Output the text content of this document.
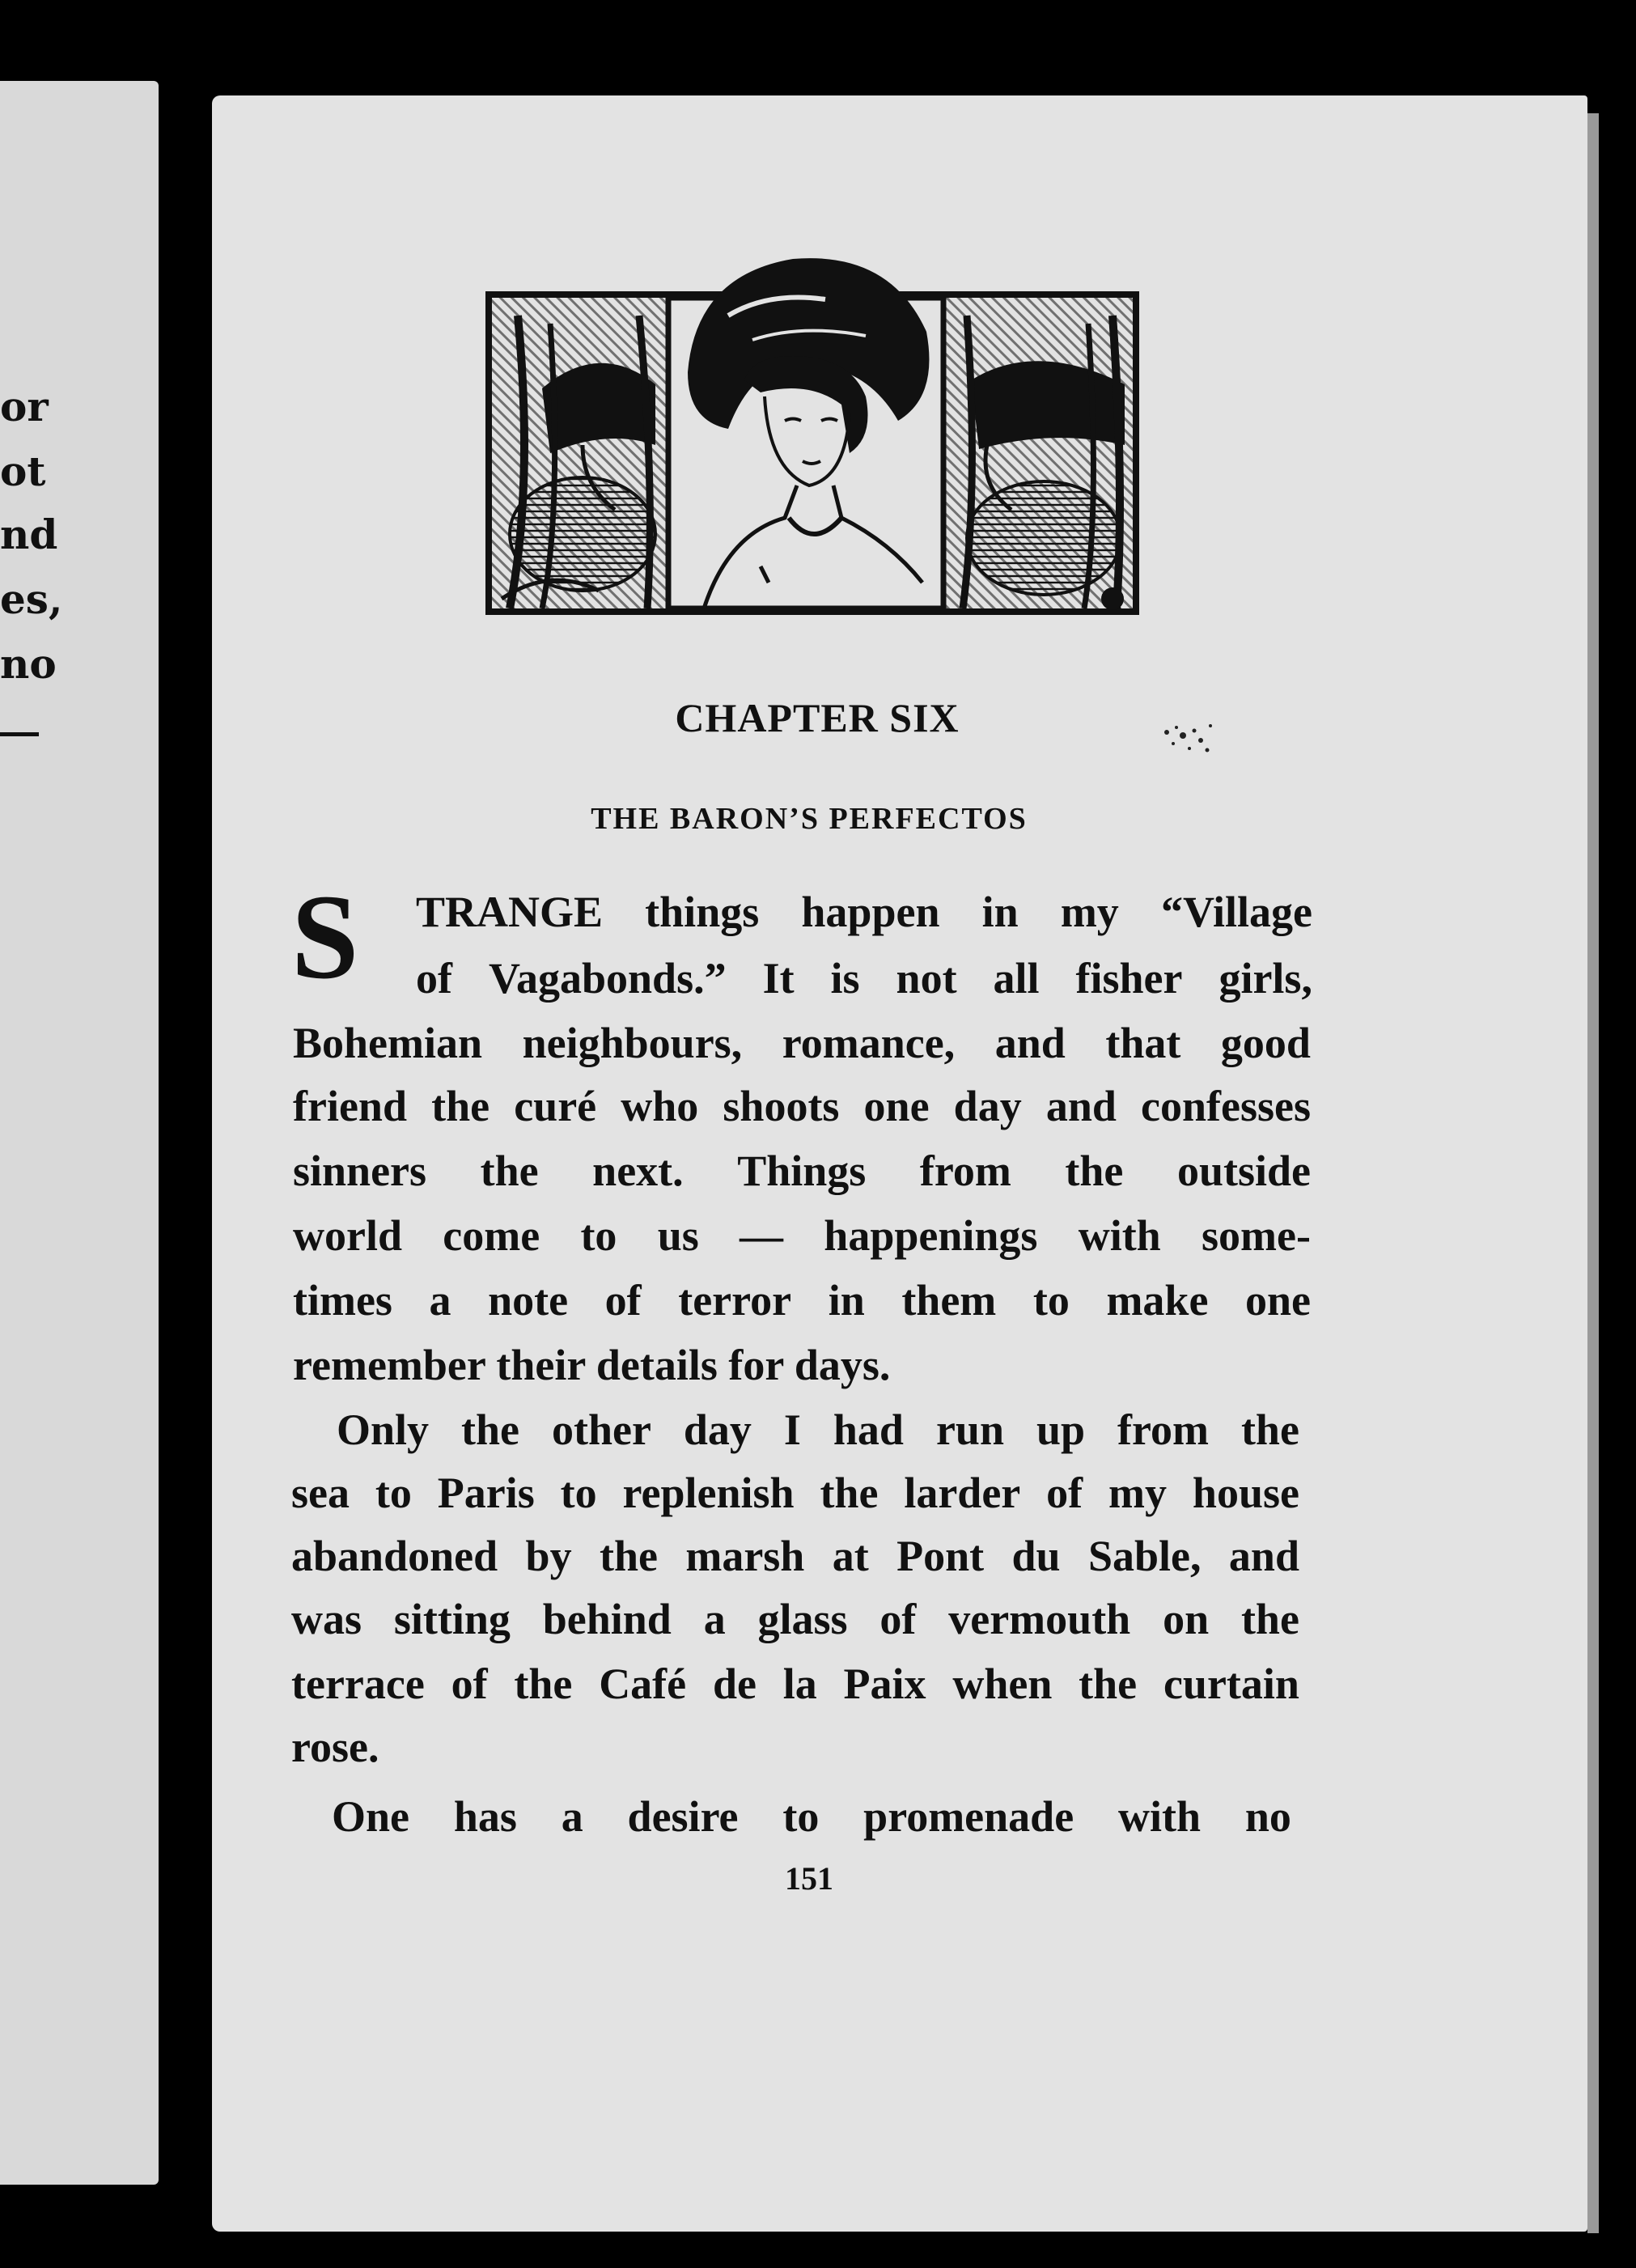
or
ot
nd
es,
no
CHAPTER SIX
THE BARON’S PERFECTOS
S TRANGE things happen in my “Village
of Vagabonds.” It is not all fisher girls,
Bohemian neighbours, romance, and that good
friend the curé who shoots one day and confesses
sinners the next. Things from the outside
world come to us — happenings with some-
times a note of terror in them to make one
remember their details for days.
Only the other day I had run up from the
sea to Paris to replenish the larder of my house
abandoned by the marsh at Pont du Sable, and
was sitting behind a glass of vermouth on the
terrace of the Café de la Paix when the curtain
rose.
One has a desire to promenade with no
151
